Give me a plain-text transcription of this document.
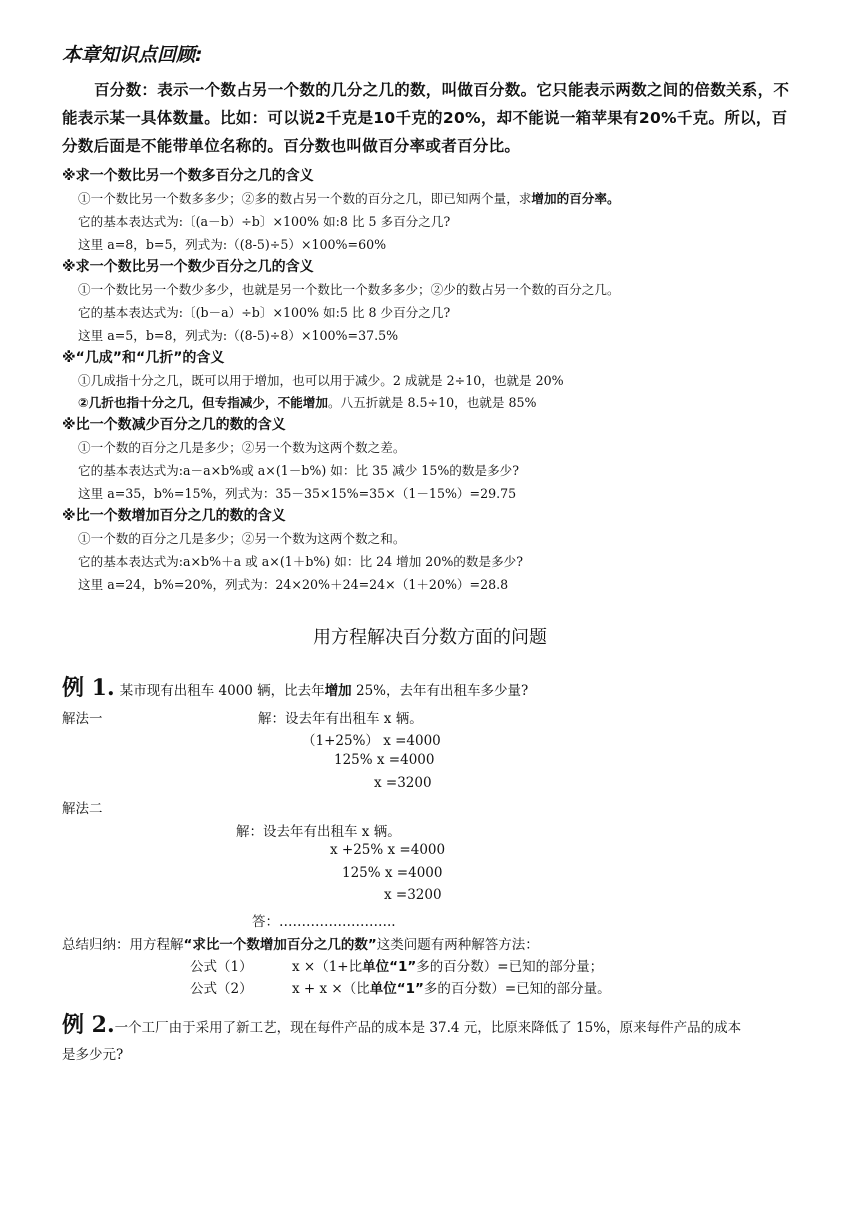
本章知识点回顾:
百分数：表示一个数占另一个数的几分之几的数，叫做百分数。它只能表示两数之间的倍数关系，不能表示某一具体数量。比如：可以说2千克是10千克的20%，却不能说一箱苹果有20%千克。所以，百分数后面是不能带单位名称的。百分数也叫做百分率或者百分比。
※求一个数比另一个数多百分之几的含义
①一个数比另一个数多多少；②多的数占另一个数的百分之几，即已知两个量，求增加的百分率。
它的基本表达式为:〔(a－b）÷b〕×100% 如:8 比 5 多百分之几?
这里 a=8，b=5，列式为:（(8-5)÷5）×100%=60%
※求一个数比另一个数少百分之几的含义
①一个数比另一个数少多少，也就是另一个数比一个数多多少；②少的数占另一个数的百分之几。
它的基本表达式为:〔(b－a）÷b〕×100% 如:5 比 8 少百分之几?
这里 a=5，b=8，列式为:（(8-5)÷8）×100%=37.5%
※“几成”和“几折”的含义
①几成指十分之几，既可以用于增加，也可以用于减少。2 成就是 2÷10，也就是 20%
②几折也指十分之几，但专指减少，不能增加。八五折就是 8.5÷10，也就是 85%
※比一个数减少百分之几的数的含义
①一个数的百分之几是多少；②另一个数为这两个数之差。
它的基本表达式为:a－a×b%或 a×(1－b%) 如：比 35 减少 15%的数是多少?
这里 a=35，b%=15%，列式为：35－35×15%=35×（1－15%）=29.75
※比一个数增加百分之几的数的含义
①一个数的百分之几是多少；②另一个数为这两个数之和。
它的基本表达式为:a×b%＋a 或 a×(1＋b%) 如：比 24 增加 20%的数是多少?
这里 a=24，b%=20%，列式为：24×20%＋24=24×（1＋20%）=28.8
用方程解决百分数方面的问题
例 1. 某市现有出租车 4000 辆，比去年增加 25%，去年有出租车多少量?
解法一	解：设去年有出租车 x 辆。
（1+25%） x =4000
125% x =4000
x =3200
解法二
解：设去年有出租车 x 辆。
x +25% x =4000
125% x =4000
x =3200
答：……………………..
总结归纳：用方程解“求比一个数增加百分之几的数”这类问题有两种解答方法：
公式（1）	x ×（1+比单位“1”多的百分数）=已知的部分量；
公式（2）	x + x ×（比单位“1”多的百分数）=已知的部分量。
例 2.一个工厂由于采用了新工艺，现在每件产品的成本是 37.4 元，比原来降低了 15%，原来每件产品的成本
是多少元?
